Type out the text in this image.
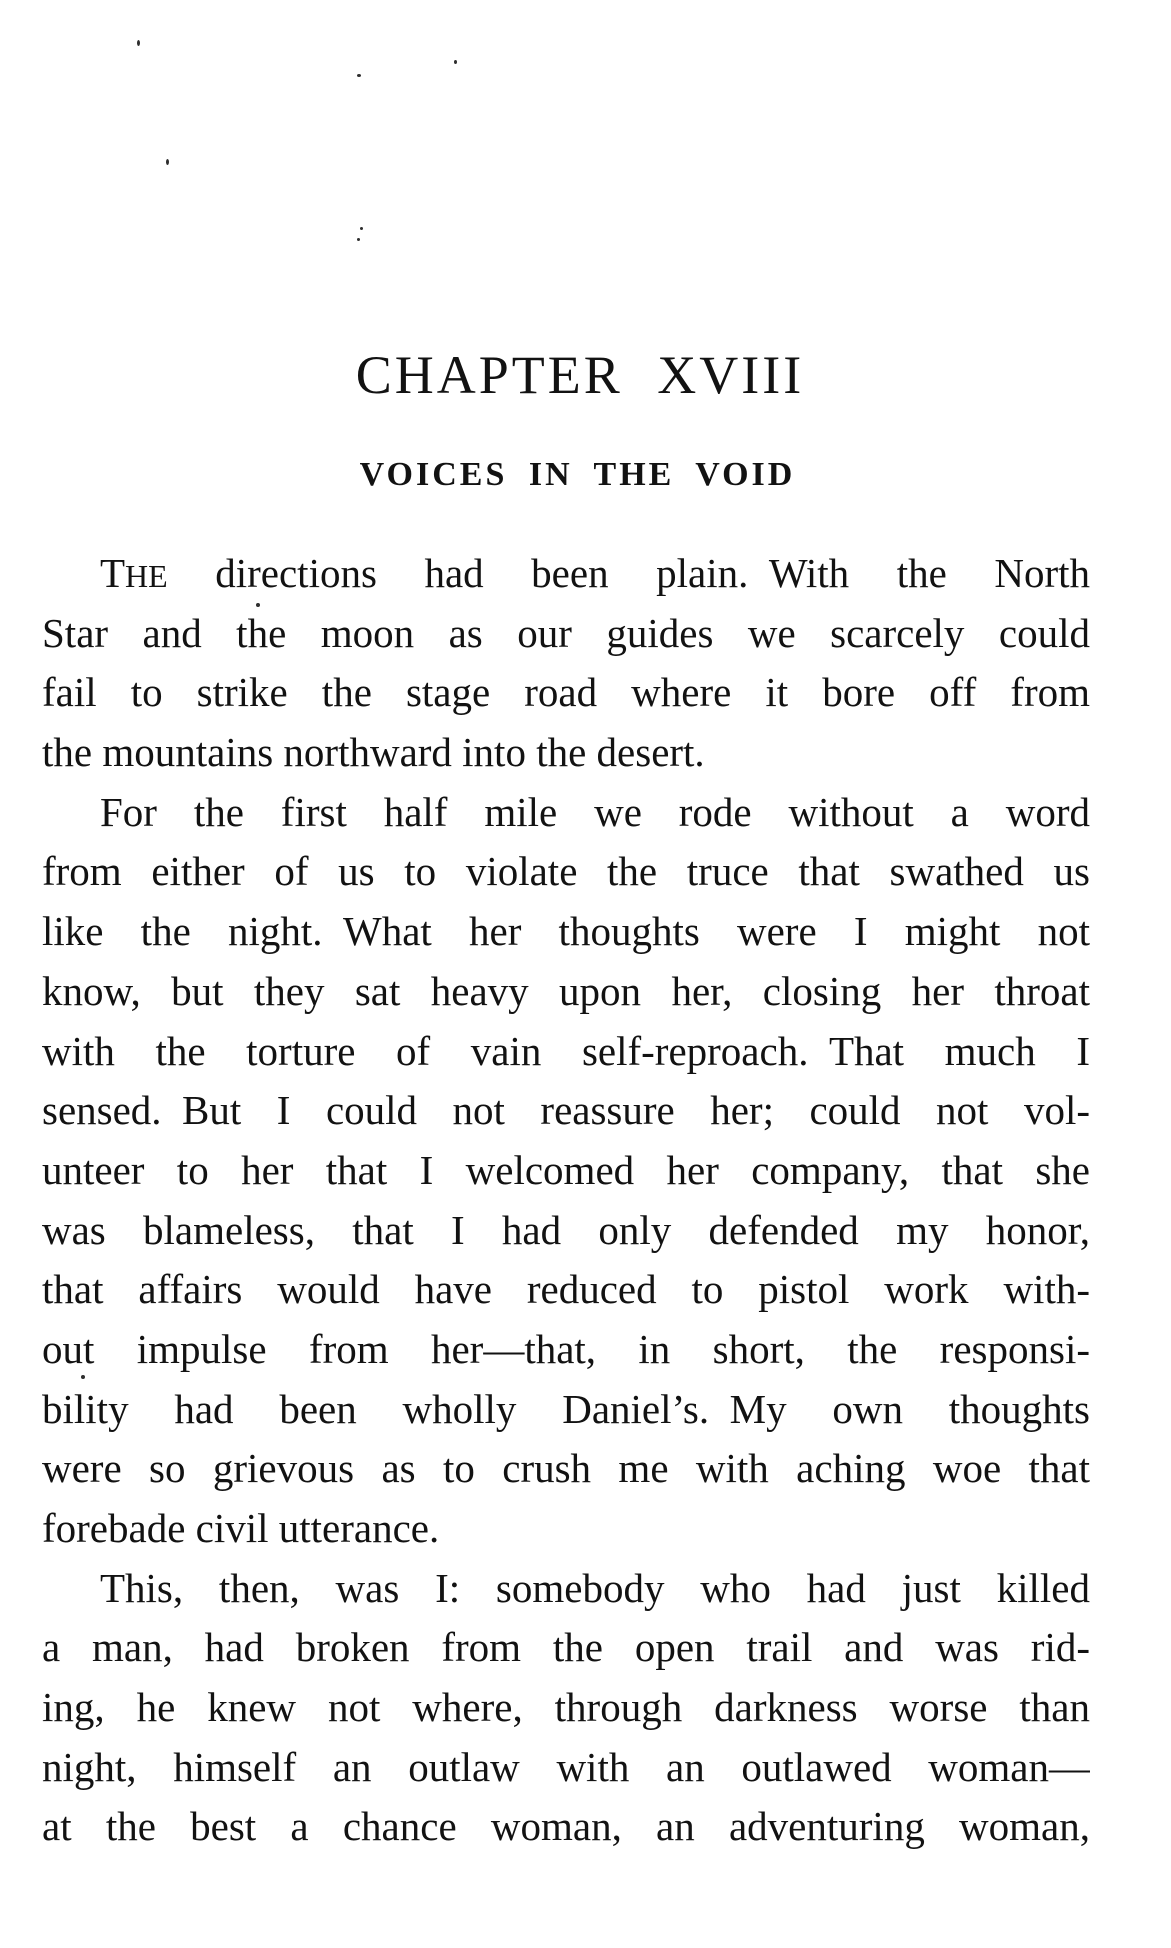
CHAPTER XVIII
VOICES IN THE VOID
THE directions had been plain. With the North
Star and the moon as our guides we scarcely could
fail to strike the stage road where it bore off from
the mountains northward into the desert.
For the first half mile we rode without a word
from either of us to violate the truce that swathed us
like the night. What her thoughts were I might not
know, but they sat heavy upon her, closing her throat
with the torture of vain self-reproach. That much I
sensed. But I could not reassure her; could not vol-
unteer to her that I welcomed her company, that she
was blameless, that I had only defended my honor,
that affairs would have reduced to pistol work with-
out impulse from her—that, in short, the responsi-
bility had been wholly Daniel’s. My own thoughts
were so grievous as to crush me with aching woe that
forebade civil utterance.
This, then, was I: somebody who had just killed
a man, had broken from the open trail and was rid-
ing, he knew not where, through darkness worse than
night, himself an outlaw with an outlawed woman—
at the best a chance woman, an adventuring woman,
